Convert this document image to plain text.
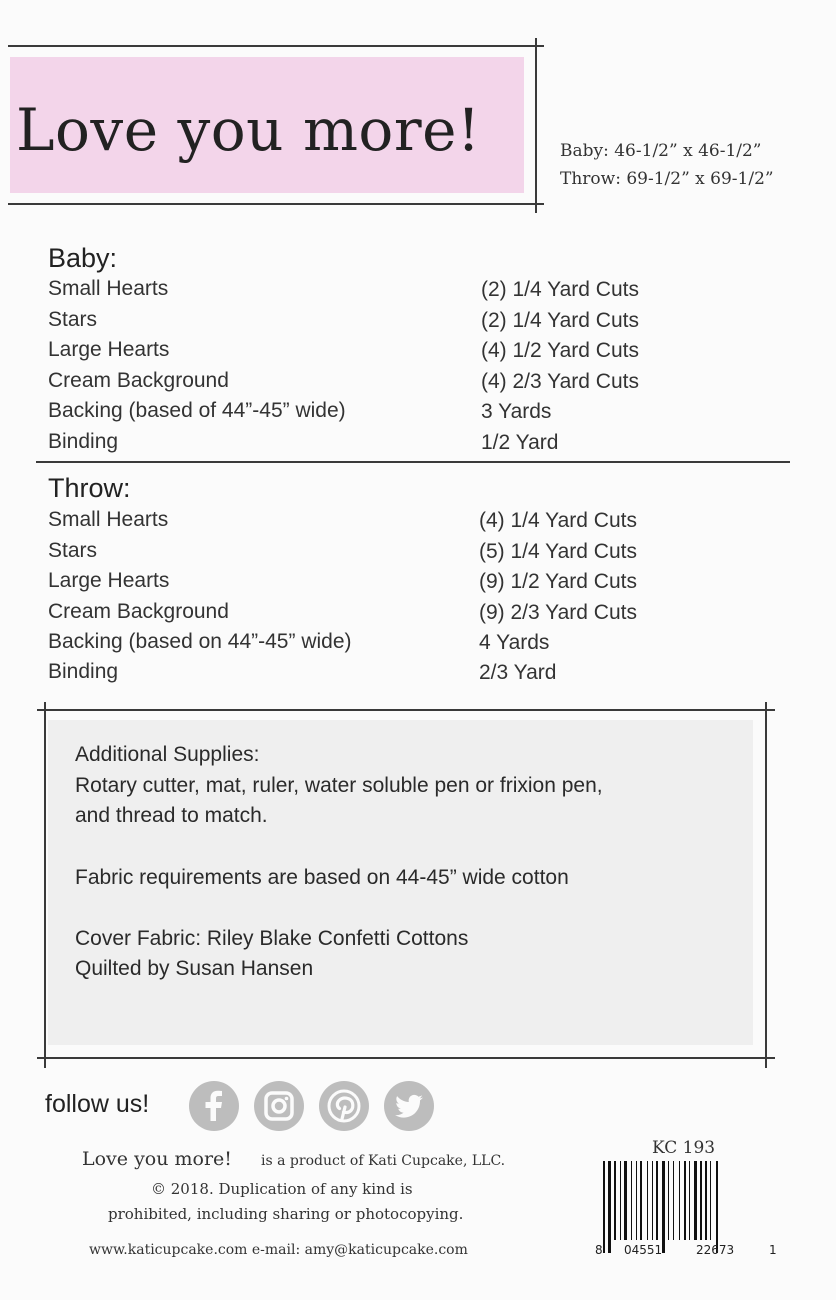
Love you more!	Baby: 46-1/2” x 46-1/2”
Throw: 69-1/2” x 69-1/2”
Baby:
Small Hearts	(2) 1/4 Yard Cuts
Stars	(2) 1/4 Yard Cuts
Large Hearts	(4) 1/2 Yard Cuts
Cream Background	(4) 2/3 Yard Cuts
Backing (based of 44”-45” wide)	3 Yards
Binding	1/2 Yard
Throw:
Small Hearts	(4) 1/4 Yard Cuts
Stars	(5) 1/4 Yard Cuts
Large Hearts	(9) 1/2 Yard Cuts
Cream Background	(9) 2/3 Yard Cuts
Backing (based on 44”-45” wide)	4 Yards
Binding	2/3 Yard
Additional Supplies:
Rotary cutter, mat, ruler, water soluble pen or frixion pen,
and thread to match.
Fabric requirements are based on 44-45” wide cotton
Cover Fabric: Riley Blake Confetti Cottons
Quilted by Susan Hansen
follow us!
Love you more! is a product of Kati Cupcake, LLC.
© 2018. Duplication of any kind is
prohibited, including sharing or photocopying.
www.katicupcake.com e-mail: amy@katicupcake.com
KC 193
8 04551	22673	1
